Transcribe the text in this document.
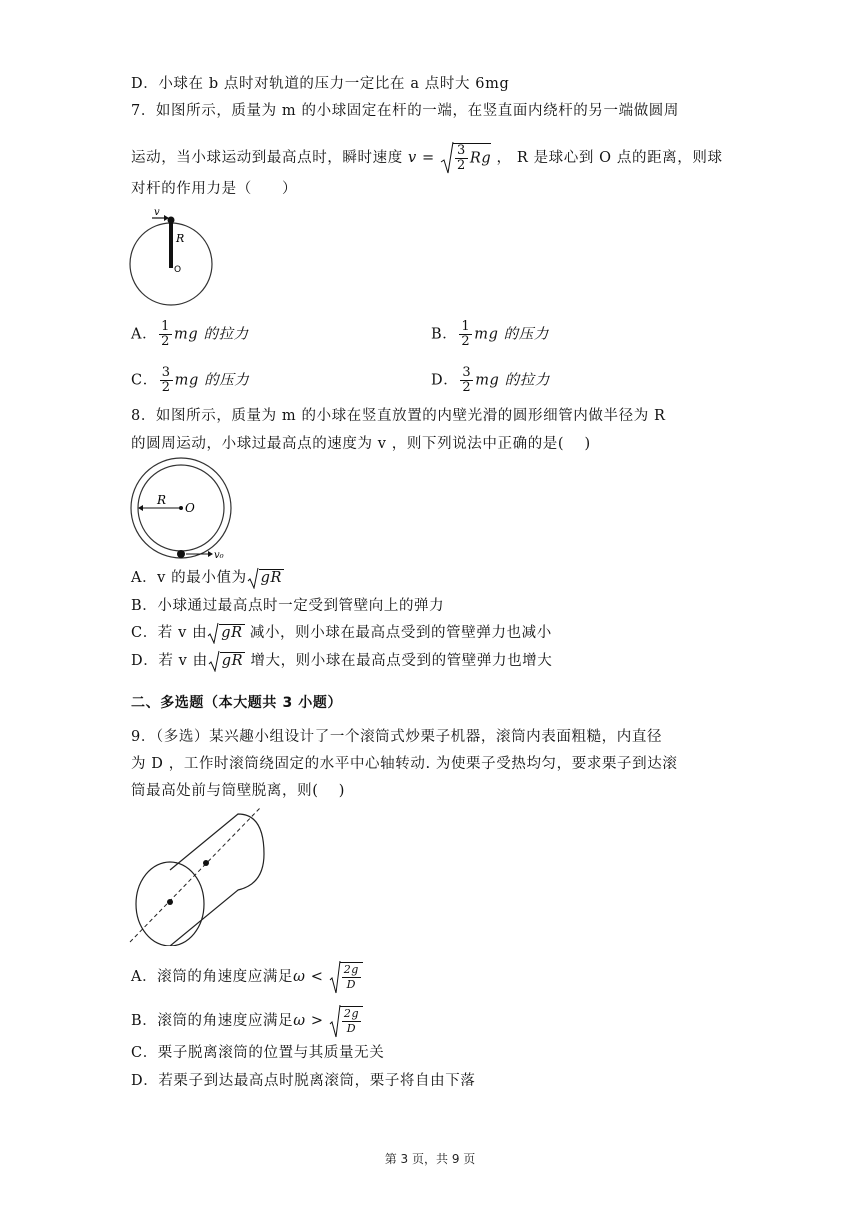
D．小球在 b 点时对轨道的压力一定比在 a 点时大 6mg
7．如图所示，质量为 m 的小球固定在杆的一端，在竖直面内绕杆的另一端做圆周
运动，当小球运动到最高点时，瞬时速度 $v = \frac{3}{2}$ Rg ， R 是球心到 O 点的距离，则球
对杆的作用力是（　　）
v
R
O
A． $\frac{1}{2}$ mg 的拉力	B． $\frac{1}{2}$ mg 的压力
C． $\frac{3}{2}$ mg 的压力	D． $\frac{3}{2}$ mg 的拉力
8．如图所示，质量为 m 的小球在竖直放置的内壁光滑的圆形细管内做半径为 R
的圆周运动，小球过最高点的速度为 v ，则下列说法中正确的是(　 )
R
O
v₀
A．v 的最小值为 gR
B．小球通过最高点时一定受到管壁向上的弹力
C．若 v 由 gR 减小，则小球在最高点受到的管壁弹力也减小
D．若 v 由 gR 增大，则小球在最高点受到的管壁弹力也增大
二、多选题（本大题共 3 小题）
9．（多选）某兴趣小组设计了一个滚筒式炒栗子机器，滚筒内表面粗糙，内直径
为 D ，工作时滚筒绕固定的水平中心轴转动. 为使栗子受热均匀，要求栗子到达滚
筒最高处前与筒壁脱离，则(　 )
A．滚筒的角速度应满足$\omega < \frac{2g}{D}$
B．滚筒的角速度应满足$\omega > \frac{2g}{D}$
C．栗子脱离滚筒的位置与其质量无关
D．若栗子到达最高点时脱离滚筒，栗子将自由下落
第 3 页，共 9 页
